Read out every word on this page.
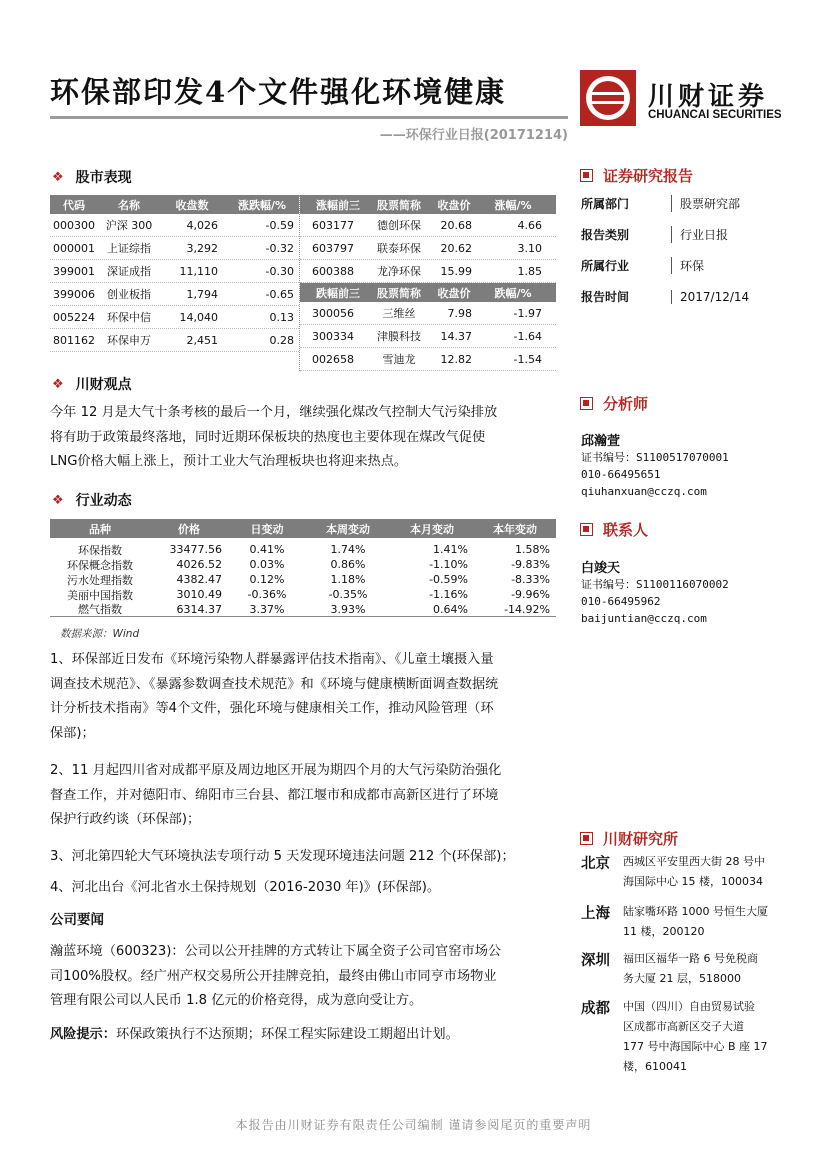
环保部印发4个文件强化环境健康
——环保行业日报(20171214)
川财证券
CHUANCAI SECURITIES
❖ 股市表现
代码	名称	收盘数	涨跌幅/%
000300 沪深 300	4,026	-0.59
000001	上证综指	3,292	-0.32
399001	深证成指	11,110	-0.30
399006	创业板指	1,794	-0.65
005224	环保中信	14,040	0.13
801162	环保申万	2,451	0.28
涨幅前三	股票简称	收盘价	涨幅/%
603177	德创环保	20.68	4.66
603797	联泰环保	20.62	3.10
600388	龙净环保	15.99	1.85
跌幅前三	股票简称	收盘价	跌幅/%
300056	三维丝	7.98	-1.97
300334	津膜科技	14.37	-1.64
002658	雪迪龙	12.82	-1.54
❖ 川财观点
今年 12 月是大气十条考核的最后一个月，继续强化煤改气控制大气污染排放
将有助于政策最终落地，同时近期环保板块的热度也主要体现在煤改气促使
LNG价格大幅上涨上，预计工业大气治理板块也将迎来热点。
❖ 行业动态
品种	价格	日变动	本周变动	本月变动	本年变动
环保指数	33477.56	0.41%	1.74%	1.41%	1.58%
环保概念指数	4026.52	0.03%	0.86%	-1.10%	-9.83%
污水处理指数	4382.47	0.12%	1.18%	-0.59%	-8.33%
美丽中国指数	3010.49	-0.36%	-0.35%	-1.16%	-9.96%
燃气指数	6314.37	3.37%	3.93%	0.64%	-14.92%
数据来源：Wind
1、环保部近日发布《环境污染物人群暴露评估技术指南》、《儿童土壤摄入量
调查技术规范》、《暴露参数调查技术规范》和《环境与健康横断面调查数据统
计分析技术指南》等4个文件，强化环境与健康相关工作，推动风险管理（环
保部)；
2、11 月起四川省对成都平原及周边地区开展为期四个月的大气污染防治强化
督查工作，并对德阳市、绵阳市三台县、都江堰市和成都市高新区进行了环境
保护行政约谈（环保部)；
3、河北第四轮大气环境执法专项行动 5 天发现环境违法问题 212 个(环保部)；
4、河北出台《河北省水土保持规划（2016-2030 年)》(环保部)。
公司要闻
瀚蓝环境（600323)：公司以公开挂牌的方式转让下属全资子公司官窑市场公
司100%股权。经广州产权交易所公开挂牌竞拍，最终由佛山市同亨市场物业
管理有限公司以人民币 1.8 亿元的价格竞得，成为意向受让方。
风险提示：环保政策执行不达预期；环保工程实际建设工期超出计划。
证券研究报告
所属部门	股票研究部
报告类别	行业日报
所属行业	环保
报告时间	2017/12/14
分析师
邱瀚萱
证书编号：S1100517070001
010-66495651
qiuhanxuan@cczq.com
联系人
白竣天
证书编号：S1100116070002
010-66495962
baijuntian@cczq.com
川财研究所
北京	西城区平安里西大街 28 号中
海国际中心 15 楼，100034
上海	陆家嘴环路 1000 号恒生大厦
11 楼，200120
深圳	福田区福华一路 6 号免税商
务大厦 21 层，518000
成都	中国（四川）自由贸易试验
区成都市高新区交子大道
177 号中海国际中心 B 座 17
楼，610041
本报告由川财证券有限责任公司编制 谨请参阅尾页的重要声明
